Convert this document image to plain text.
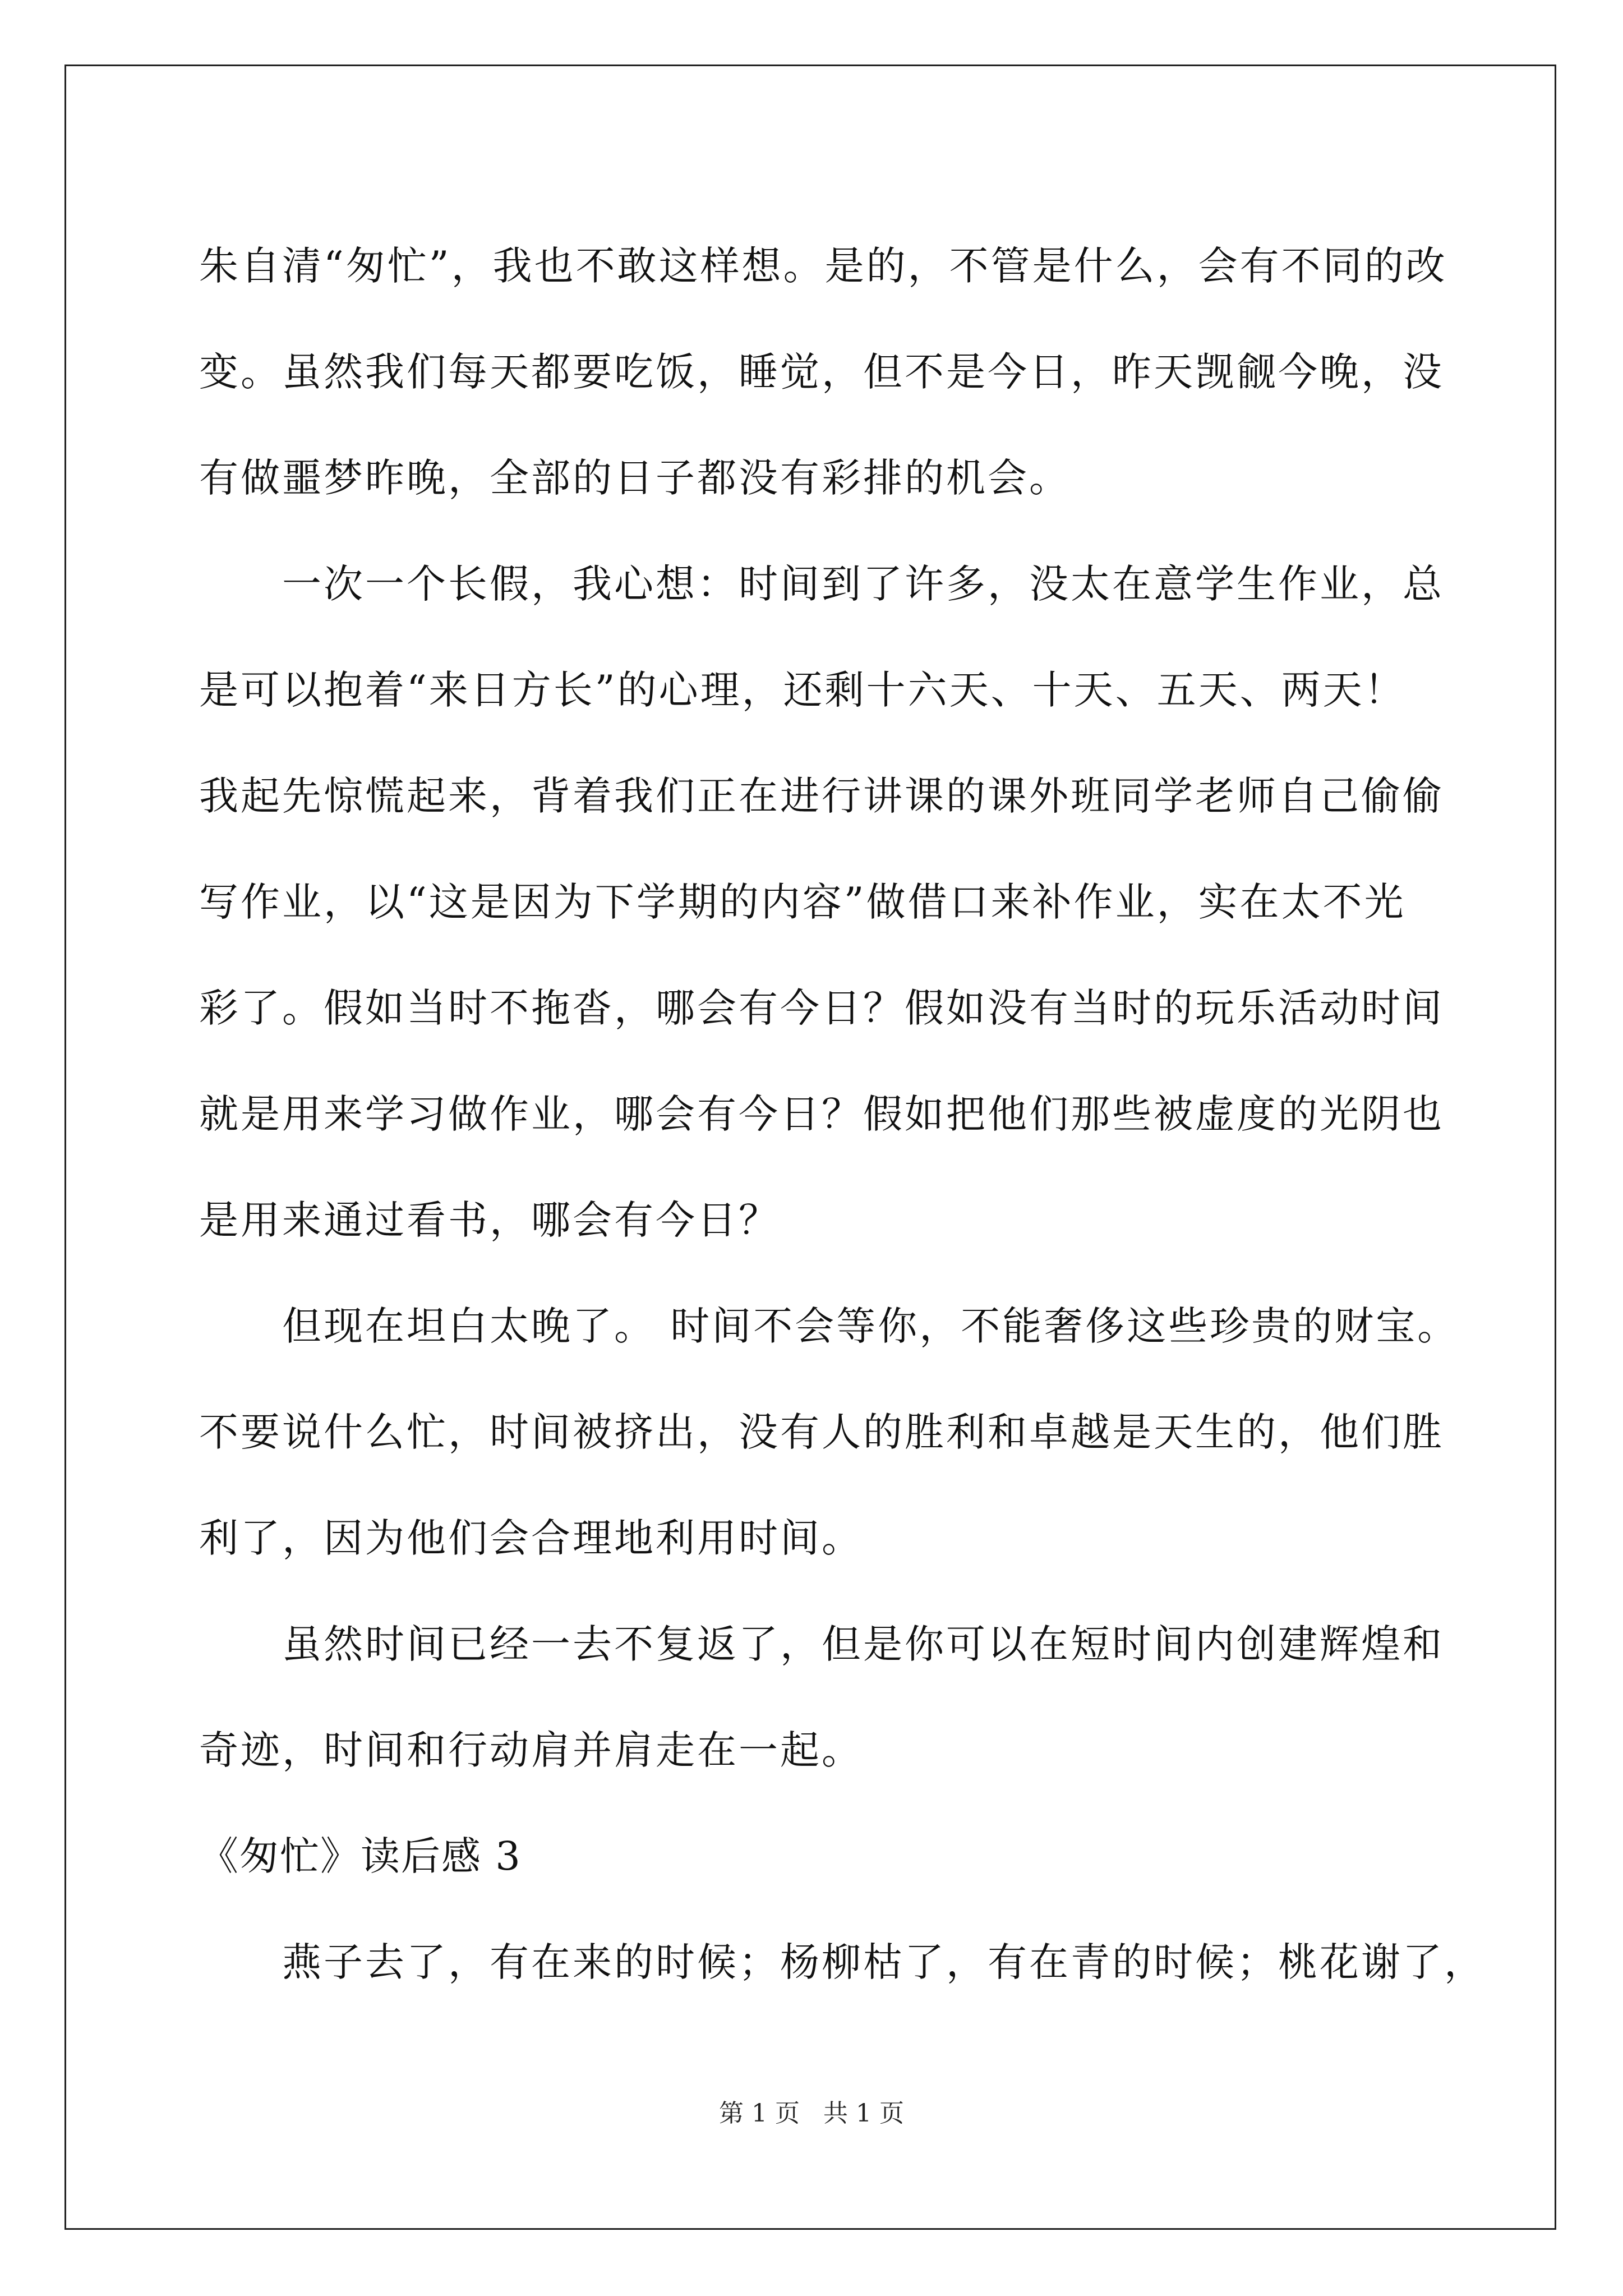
朱自清“匆忙”，我也不敢这样想。是的，不管是什么，会有不同的改
变。虽然我们每天都要吃饭，睡觉，但不是今日，昨天觊觎今晚，没
有做噩梦昨晚，全部的日子都没有彩排的机会。
一次一个长假，我心想：时间到了许多，没太在意学生作业，总
是可以抱着“来日方长”的心理，还剩十六天、十天、五天、两天！
我起先惊慌起来，背着我们正在进行讲课的课外班同学老师自己偷偷
写作业，以“这是因为下学期的内容”做借口来补作业，实在太不光
彩了。假如当时不拖沓，哪会有今日？假如没有当时的玩乐活动时间
就是用来学习做作业，哪会有今日？假如把他们那些被虚度的光阴也
是用来通过看书，哪会有今日？
但现在坦白太晚了。 时间不会等你，不能奢侈这些珍贵的财宝。
不要说什么忙，时间被挤出，没有人的胜利和卓越是天生的，他们胜
利了，因为他们会合理地利用时间。
虽然时间已经一去不复返了，但是你可以在短时间内创建辉煌和
奇迹，时间和行动肩并肩走在一起。
《匆忙》读后感 3
燕子去了，有在来的时候；杨柳枯了，有在青的时候；桃花谢了，
第 1 页   共 1 页
